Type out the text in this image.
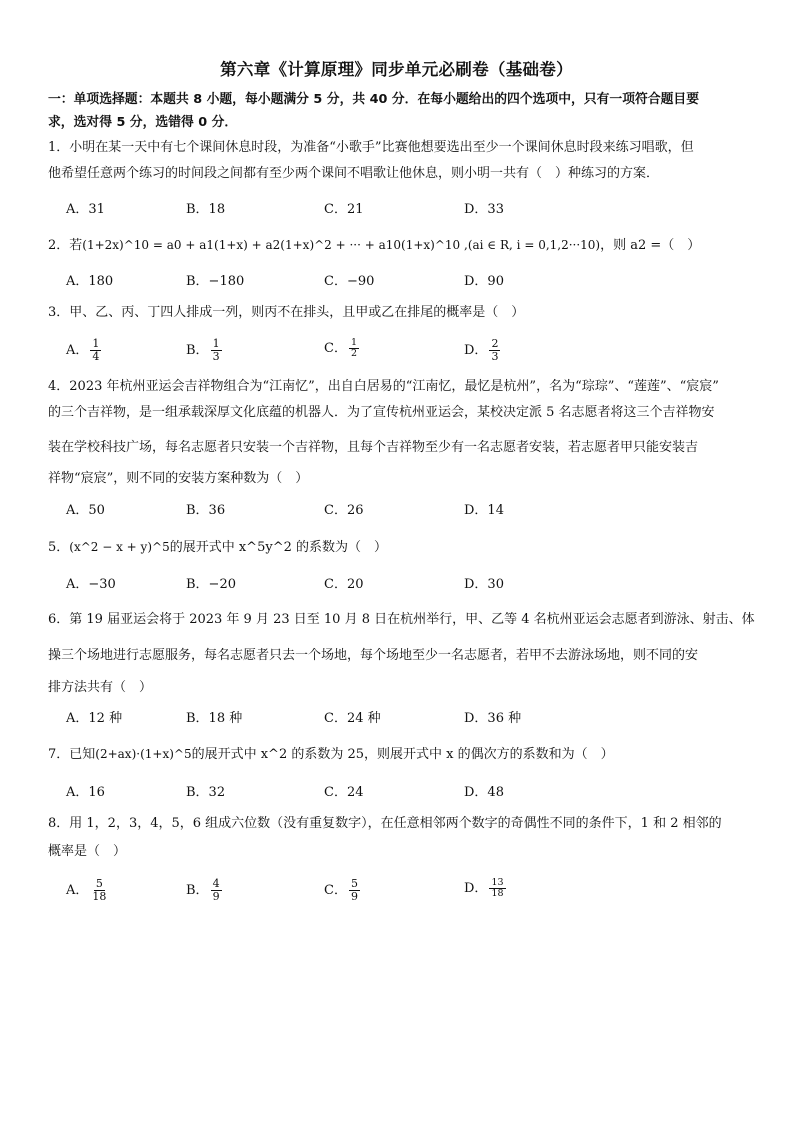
第六章《计算原理》同步单元必刷卷（基础卷）
一：单项选择题：本题共 8 小题，每小题满分 5 分，共 40 分．在每小题给出的四个选项中，只有一项符合题目要
求，选对得 5 分，选错得 0 分．
1．小明在某一天中有七个课间休息时段，为准备“小歌手”比赛他想要选出至少一个课间休息时段来练习唱歌，但
他希望任意两个练习的时间段之间都有至少两个课间不唱歌让他休息，则小明一共有（　）种练习的方案．
A．31	B．18	C．21	D．33
2．若(1+2x)^10 = a0 + a1(1+x) + a2(1+x)^2 + ··· + a10(1+x)^10 ,(ai ∈ R, i = 0,1,2···10)，则 a2 =（　）
A．180	B．−180	C．−90	D．90
3．甲、乙、丙、丁四人排成一列，则丙不在排头，且甲或乙在排尾的概率是（　）
A． $\frac{1}{4}$	B． $\frac{1}{3}$	C． $\frac{1}{2}$	D． $\frac{2}{3}$
4．2023 年杭州亚运会吉祥物组合为“江南忆”，出自白居易的“江南忆，最忆是杭州”，名为“琮琮”、“莲莲”、“宸宸”
的三个吉祥物，是一组承载深厚文化底蕴的机器人．为了宣传杭州亚运会，某校决定派 5 名志愿者将这三个吉祥物安
装在学校科技广场，每名志愿者只安装一个吉祥物，且每个吉祥物至少有一名志愿者安装，若志愿者甲只能安装吉
祥物“宸宸”，则不同的安装方案种数为（　）
A．50	B．36	C．26	D．14
5．(x^2 − x + y)^5的展开式中 x^5y^2 的系数为（　）
A．−30	B．−20	C．20	D．30
6．第 19 届亚运会将于 2023 年 9 月 23 日至 10 月 8 日在杭州举行，甲、乙等 4 名杭州亚运会志愿者到游泳、射击、体
操三个场地进行志愿服务，每名志愿者只去一个场地，每个场地至少一名志愿者，若甲不去游泳场地，则不同的安
排方法共有（　）
A．12 种	B．18 种	C．24 种	D．36 种
7．已知(2+ax)·(1+x)^5的展开式中 x^2 的系数为 25，则展开式中 x 的偶次方的系数和为（　）
A．16	B．32	C．24	D．48
8．用 1，2，3，4，5，6 组成六位数（没有重复数字），在任意相邻两个数字的奇偶性不同的条件下，1 和 2 相邻的
概率是（　）
A． $\frac{5}{18}$	B． $\frac{4}{9}$	C． $\frac{5}{9}$	D． $\frac{13}{18}$
